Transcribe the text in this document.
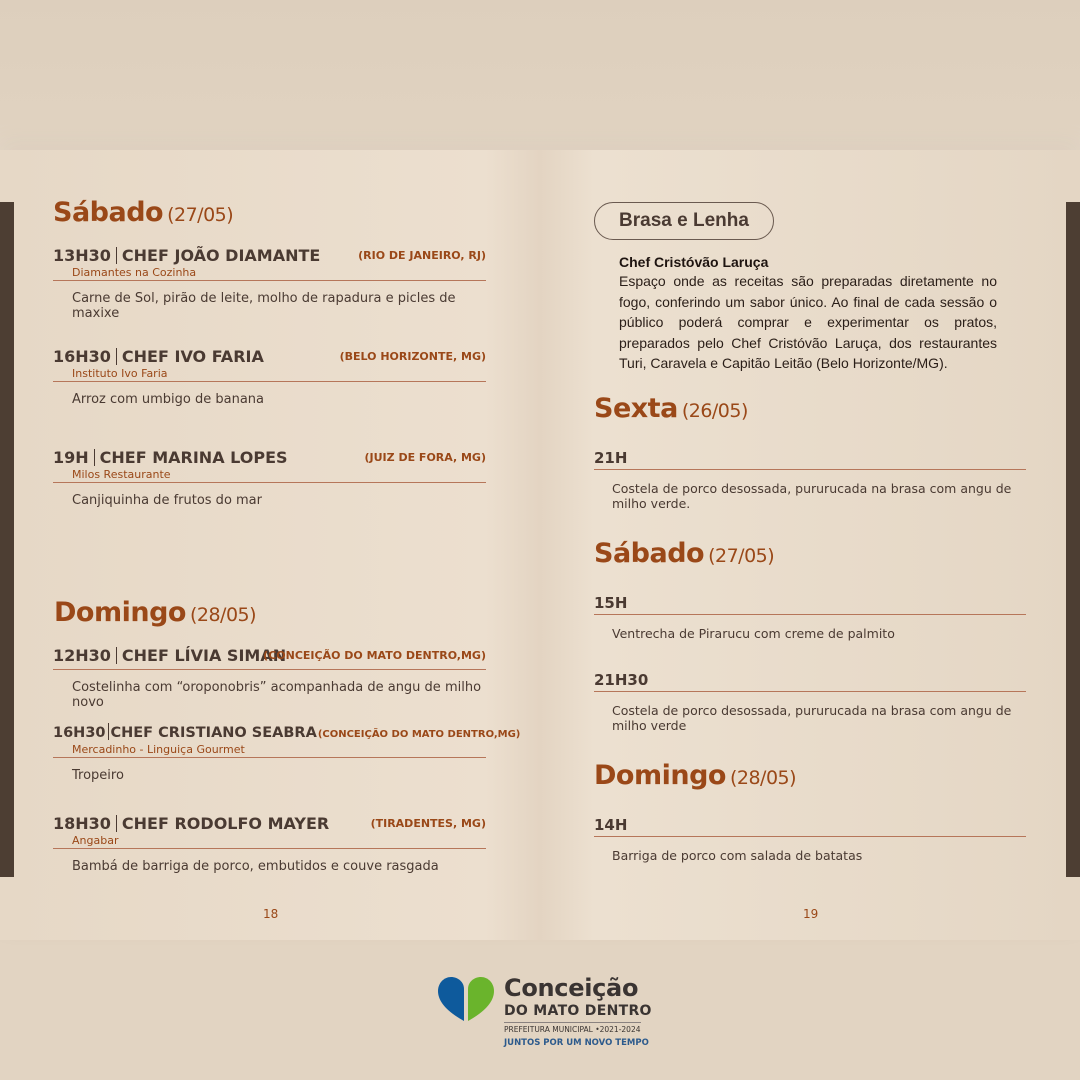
Sábado (27/05)
13H30 CHEF JOÃO DIAMANTE	(RIO DE JANEIRO, RJ)
Diamantes na Cozinha
Carne de Sol, pirão de leite, molho de rapadura e picles de maxixe
16H30 CHEF IVO FARIA	(BELO HORIZONTE, MG)
Instituto Ivo Faria
Arroz com umbigo de banana
19H CHEF MARINA LOPES	(JUIZ DE FORA, MG)
Milos Restaurante
Canjiquinha de frutos do mar
Domingo (28/05)
12H30 CHEF LÍVIA SIMAN
(CONCEIÇÃO DO MATO DENTRO,MG)
Costelinha com “oroponobris” acompanhada de angu de milho novo
16H30 CHEF CRISTIANO SEABRA(CONCEIÇÃO DO MATO DENTRO,MG)
Mercadinho - Linguiça Gourmet
Tropeiro
18H30 CHEF RODOLFO MAYER	(TIRADENTES, MG)
Angabar
Bambá de barriga de porco, embutidos e couve rasgada
18
Brasa e Lenha
Chef Cristóvão Laruça
Espaço onde as receitas são preparadas diretamente no fogo, conferindo um sabor único. Ao final de cada sessão o público poderá comprar e experimentar os pratos, preparados pelo Chef Cristóvão Laruça, dos restaurantes Turi, Caravela e Capitão Leitão (Belo Horizonte/MG).
Sexta (26/05)
21H
Costela de porco desossada, pururucada na brasa com angu de milho verde.
Sábado (27/05)
15H
Ventrecha de Pirarucu com creme de palmito
21H30
Costela de porco desossada, pururucada na brasa com angu de milho verde
Domingo (28/05)
14H
Barriga de porco com salada de batatas
19
Conceição
DO MATO DENTRO
PREFEITURA MUNICIPAL •2021-2024
JUNTOS POR UM NOVO TEMPO
